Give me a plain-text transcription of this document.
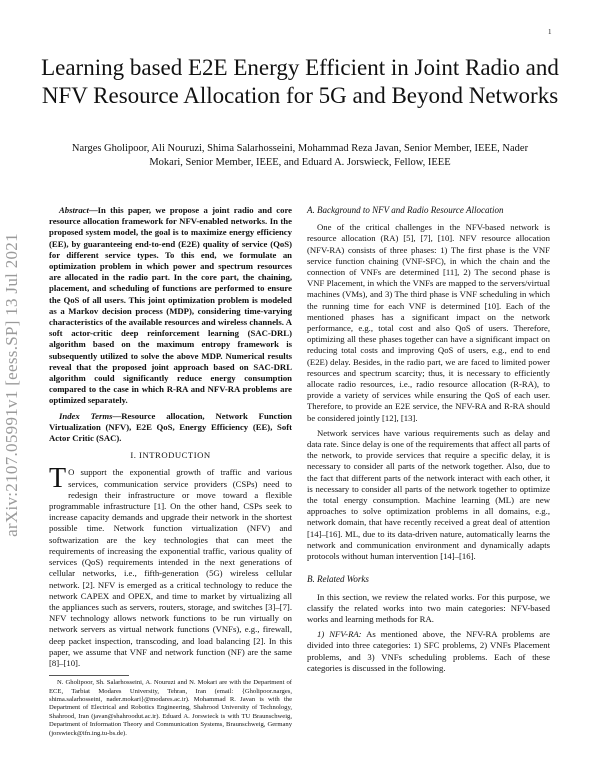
1
arXiv:2107.05991v1 [eess.SP] 13 Jul 2021
Learning based E2E Energy Efficient in Joint Radio and NFV Resource Allocation for 5G and Beyond Networks
Narges Gholipoor, Ali Nouruzi, Shima Salarhosseini, Mohammad Reza Javan, Senior Member, IEEE, Nader Mokari, Senior Member, IEEE, and Eduard A. Jorswieck, Fellow, IEEE

Abstract—In this paper, we propose a joint radio and core resource allocation framework for NFV-enabled networks. In the proposed system model, the goal is to maximize energy efficiency (EE), by guaranteeing end-to-end (E2E) quality of service (QoS) for different service types. To this end, we formulate an optimization problem in which power and spectrum resources are allocated in the radio part. In the core part, the chaining, placement, and scheduling of functions are performed to ensure the QoS of all users. This joint optimization problem is modeled as a Markov decision process (MDP), considering time-varying characteristics of the available resources and wireless channels. A soft actor-critic deep reinforcement learning (SAC-DRL) algorithm based on the maximum entropy framework is subsequently utilized to solve the above MDP. Numerical results reveal that the proposed joint approach based on SAC-DRL algorithm could significantly reduce energy consumption compared to the case in which R-RA and NFV-RA problems are optimized separately.

Index Terms—Resource allocation, Network Function Virtualization (NFV), E2E QoS, Energy Efficiency (EE), Soft Actor Critic (SAC).

I. INTRODUCTION

T O support the exponential growth of traffic and various services, communication service providers (CSPs) need to redesign their infrastructure or move toward a flexible programmable infrastructure [1]. On the other hand, CSPs seek to increase capacity demands and upgrade their network in the shortest possible time. Network function virtualization (NFV) and softwarization are the key technologies that can meet the requirements of increasing the exponential traffic, various quality of services (QoS) requirements intended in the next generations of cellular networks, i.e., fifth-generation (5G) wireless cellular network. [2]. NFV is emerged as a critical technology to reduce the network CAPEX and OPEX, and time to market by virtualizing all the appliances such as servers, routers, storage, and switches [3]–[7]. NFV technology allows network functions to be run virtually on network servers as virtual network functions (VNFs), e.g., firewall, deep packet inspection, transcoding, and load balancing [2]. In this paper, we assume that VNF and network function (NF) are the same [8]–[10].

N. Gholipoor, Sh. Salarhosseini, A. Nouruzi and N. Mokari are with the Department of ECE, Tarbiat Modares University, Tehran, Iran (email: {Gholipoor.narges, shima.salarhosseini, nader.mokari}@modares.ac.ir). Mohammad R. Javan is with the Department of Electrical and Robotics Engineering, Shahrood University of Technology, Shahrood, Iran (javan@shahroodut.ac.ir). Eduard A. Jorswieck is with TU Braunschweig, Department of Information Theory and Communication Systems, Braunschweig, Germany (jorswieck@ifn.ing.tu-bs.de).
A. Background to NFV and Radio Resource Allocation

One of the critical challenges in the NFV-based network is resource allocation (RA) [5], [7], [10]. NFV resource allocation (NFV-RA) consists of three phases: 1) The first phase is the VNF service function chaining (VNF-SFC), in which the chain and the connection of VNFs are determined [11], 2) The second phase is VNF Placement, in which the VNFs are mapped to the servers/virtual machines (VMs), and 3) The third phase is VNF scheduling in which the running time for each VNF is determined [10]. Each of the mentioned phases has a significant impact on the network performance, e.g., total cost and also QoS of users. Therefore, optimizing all these phases together can have a significant impact on reducing total costs and improving QoS of users, e.g., end to end (E2E) delay. Besides, in the radio part, we are faced to limited power resources and spectrum scarcity; thus, it is necessary to efficiently allocate radio resources, i.e., radio resource allocation (R-RA), to provide a variety of services while ensuring the QoS of each user. Therefore, to provide an E2E service, the NFV-RA and R-RA should be considered jointly [12], [13].

Network services have various requirements such as delay and data rate. Since delay is one of the requirements that affect all parts of the network, to provide services that require a specific delay, it is necessary to consider all parts of the network together. Also, due to the fact that different parts of the network interact with each other, it is necessary to consider all parts of the network together to optimize the total energy consumption. Machine learning (ML) are new approaches to solve optimization problems in all domains, e.g., network domain, that have recently received a great deal of attention [14]–[16]. ML, due to its data-driven nature, automatically learns the network and communication environment and dynamically adapts protocols without human intervention [14]–[16].

B. Related Works

In this section, we review the related works. For this purpose, we classify the related works into two main categories: NFV-based works and learning methods for RA.

1) NFV-RA: As mentioned above, the NFV-RA problems are divided into three categories: 1) SFC problems, 2) VNFs Placement problems, and 3) VNFs scheduling problems. Each of these categories is discussed in the following.
